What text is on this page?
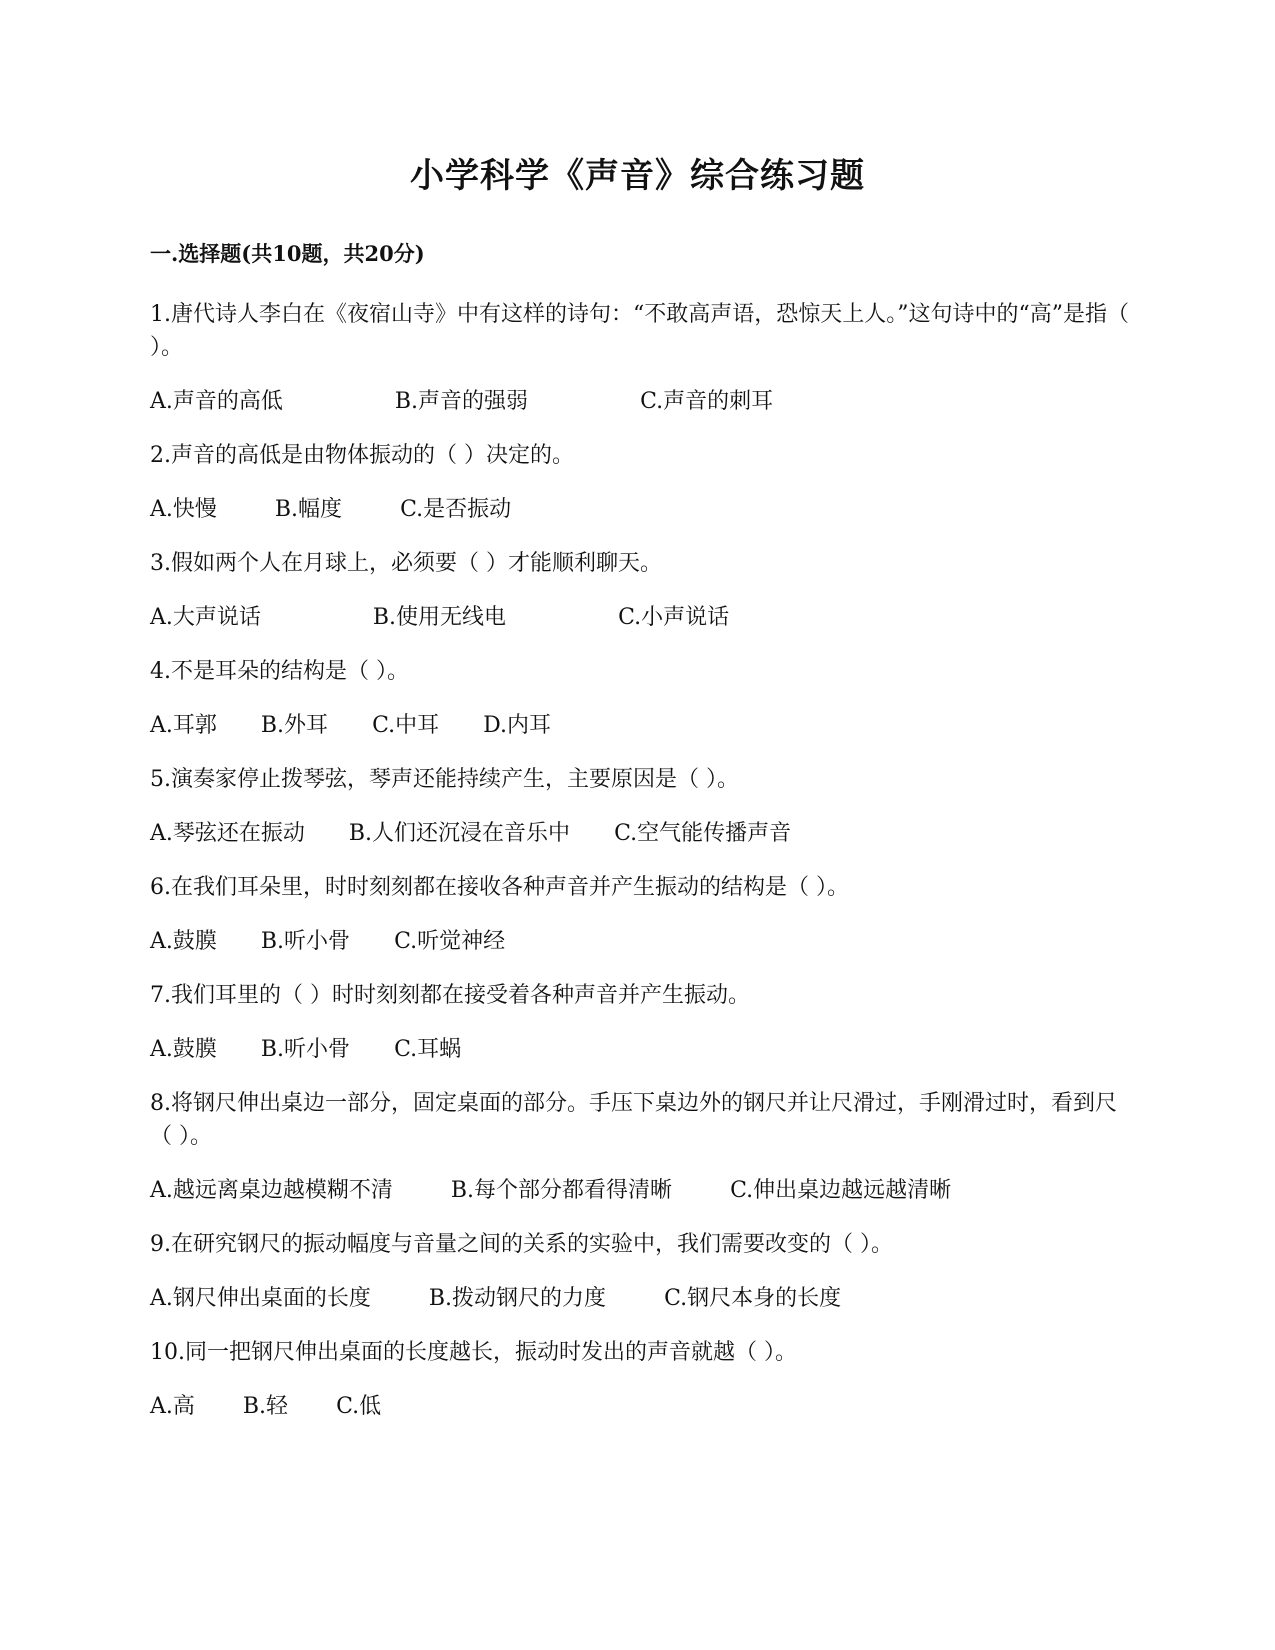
小学科学《声音》综合练习题
一.选择题(共10题，共20分)

1.唐代诗人李白在《夜宿山寺》中有这样的诗句：“不敢高声语，恐惊天上人。”这句诗中的“高”是指（ ）。

A.声音的高低	B.声音的强弱	C.声音的刺耳

2.声音的高低是由物体振动的（ ）决定的。

A.快慢	B.幅度	C.是否振动

3.假如两个人在月球上，必须要（ ）才能顺利聊天。

A.大声说话	B.使用无线电	C.小声说话

4.不是耳朵的结构是（ ）。

A.耳郭 B.外耳 C.中耳 D.内耳

5.演奏家停止拨琴弦，琴声还能持续产生，主要原因是（ ）。

A.琴弦还在振动 B.人们还沉浸在音乐中 C.空气能传播声音

6.在我们耳朵里，时时刻刻都在接收各种声音并产生振动的结构是（ ）。

A.鼓膜 B.听小骨 C.听觉神经

7.我们耳里的（ ）时时刻刻都在接受着各种声音并产生振动。

A.鼓膜 B.听小骨 C.耳蜗

8.将钢尺伸出桌边一部分，固定桌面的部分。手压下桌边外的钢尺并让尺滑过，手刚滑过时，看到尺（ ）。

A.越远离桌边越模糊不清	B.每个部分都看得清晰	C.伸出桌边越远越清晰

9.在研究钢尺的振动幅度与音量之间的关系的实验中，我们需要改变的（ ）。

A.钢尺伸出桌面的长度	B.拨动钢尺的力度	C.钢尺本身的长度

10.同一把钢尺伸出桌面的长度越长，振动时发出的声音就越（ ）。

A.高 B.轻 C.低
